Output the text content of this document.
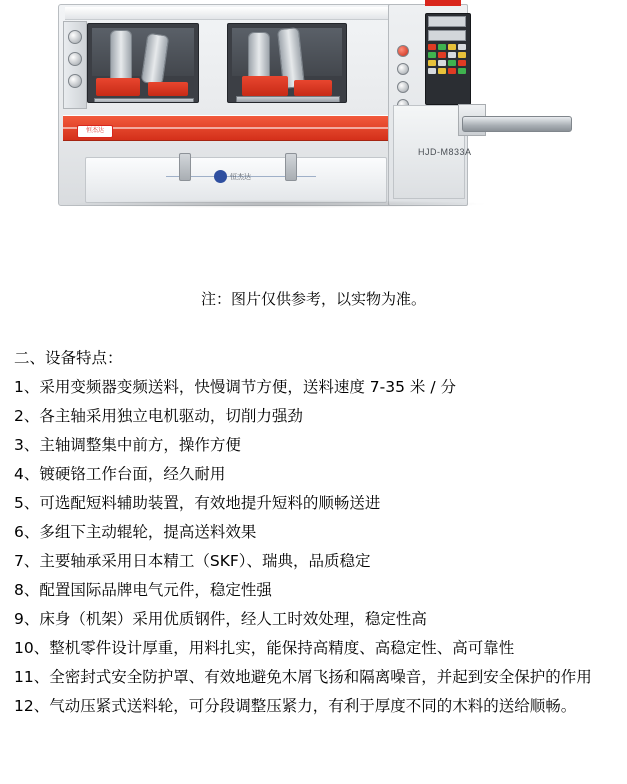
恒杰达
恒杰达
HJD-M833A
注：图片仅供参考，以实物为准。
二、设备特点：
1、采用变频器变频送料，快慢调节方便，送料速度 7-35 米 / 分
2、各主轴采用独立电机驱动，切削力强劲
3、主轴调整集中前方，操作方便
4、镀硬铬工作台面，经久耐用
5、可选配短料辅助装置，有效地提升短料的顺畅送进
6、多组下主动辊轮，提高送料效果
7、主要轴承采用日本精工（SKF）、瑞典，品质稳定
8、配置国际品牌电气元件，稳定性强
9、床身（机架）采用优质钢件，经人工时效处理，稳定性高
10、整机零件设计厚重，用料扎实，能保持高精度、高稳定性、高可靠性
11、全密封式安全防护罩、有效地避免木屑飞扬和隔离噪音，并起到安全保护的作用
12、气动压紧式送料轮，可分段调整压紧力，有利于厚度不同的木料的送给顺畅。
